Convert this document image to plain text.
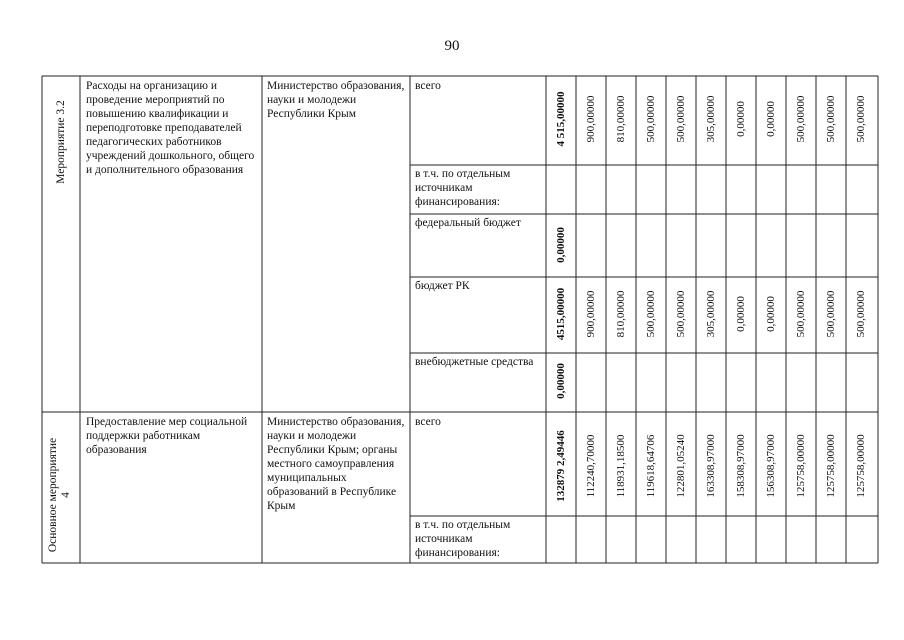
90
Мероприятие 3.2
Расходы на организацию и проведение мероприятий по повышению квалификации и переподготовке преподавателей педагогических работников учреждений дошкольного, общего и дополнительного образования
Министерство образования, науки и молодежи Республики Крым
всего
в т.ч. по отдельным источникам финансирования:
федеральный бюджет
бюджет РК
внебюджетные средства
4 515,00000
0,00000
4515,00000
0,00000
900,00000 810,00000 500,00000 500,00000 305,00000 0,00000 0,00000 500,00000 500,00000 500,00000
900,00000 810,00000 500,00000 500,00000 305,00000 0,00000 0,00000 500,00000 500,00000 500,00000
Основное мероприятие 4
Предоставление мер социальной поддержки работникам образования
Министерство образования, науки и молодежи Республики Крым; органы местного самоуправления муниципальных образований в Республике Крым
всего
в т.ч. по отдельным источникам финансирования:
132879 2,49446 112240,70000 118931,18500 119618,64706 122801,05240 163308,97000 158308,97000 156308,97000 125758,00000 125758,00000 125758,00000
